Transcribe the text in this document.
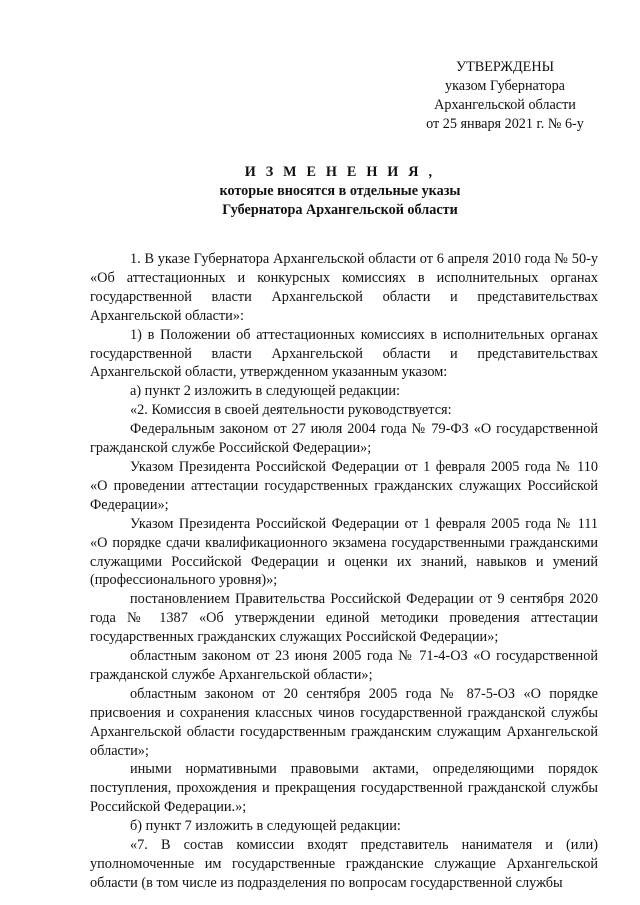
УТВЕРЖДЕНЫ
указом Губернатора
Архангельской области
от 25 января 2021 г. № 6-у
И З М Е Н Е Н И Я ,
которые вносятся в отдельные указы
Губернатора Архангельской области

1. В указе Губернатора Архангельской области от 6 апреля 2010 года № 50-у «Об аттестационных и конкурсных комиссиях в исполнительных органах государственной власти Архангельской области и представительствах Архангельской области»:

1) в Положении об аттестационных комиссиях в исполнительных органах государственной власти Архангельской области и представительствах Архангельской области, утвержденном указанным указом:

а) пункт 2 изложить в следующей редакции:

«2. Комиссия в своей деятельности руководствуется:

Федеральным законом от 27 июля 2004 года № 79-ФЗ «О государственной гражданской службе Российской Федерации»;

Указом Президента Российской Федерации от 1 февраля 2005 года № 110 «О проведении аттестации государственных гражданских служащих Российской Федерации»;

Указом Президента Российской Федерации от 1 февраля 2005 года № 111 «О порядке сдачи квалификационного экзамена государственными гражданскими служащими Российской Федерации и оценки их знаний, навыков и умений (профессионального уровня)»;

постановлением Правительства Российской Федерации от 9 сентября 2020 года № 1387 «Об утверждении единой методики проведения аттестации государственных гражданских служащих Российской Федерации»;

областным законом от 23 июня 2005 года № 71-4-ОЗ «О государственной гражданской службе Архангельской области»;

областным законом от 20 сентября 2005 года № 87-5-ОЗ «О порядке присвоения и сохранения классных чинов государственной гражданской службы Архангельской области государственным гражданским служащим Архангельской области»;

иными нормативными правовыми актами, определяющими порядок поступления, прохождения и прекращения государственной гражданской службы Российской Федерации.»;

б) пункт 7 изложить в следующей редакции:

«7. В состав комиссии входят представитель нанимателя и (или) уполномоченные им государственные гражданские служащие Архангельской области (в том числе из подразделения по вопросам государственной службы
